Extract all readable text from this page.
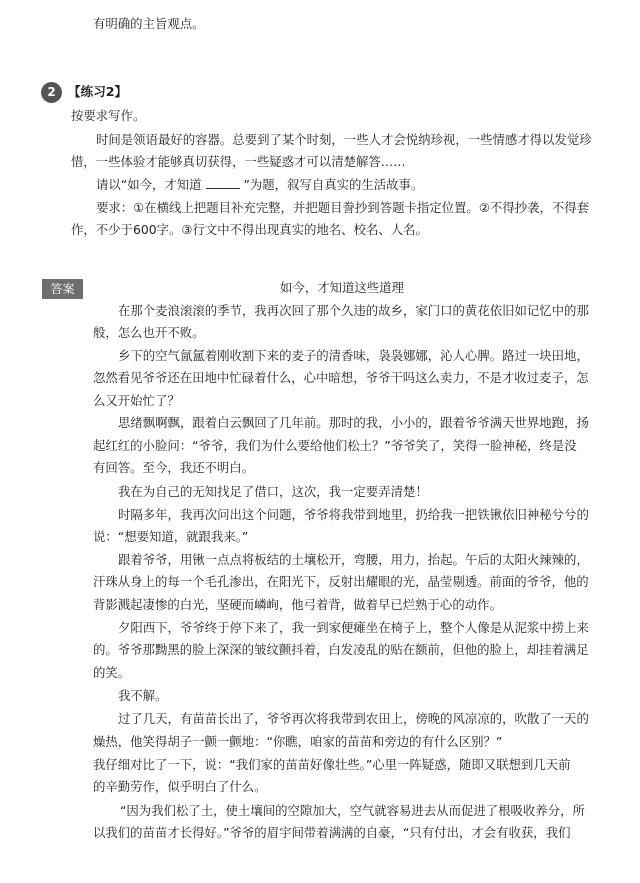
有明确的主旨观点。
2 【练习2】
按要求写作。
时间是领语最好的容器。总要到了某个时刻，一些人才会悦纳珍视，一些情感才得以发觉珍
惜，一些体验才能够真切获得，一些疑惑才可以清楚解答……
请以“如今，才知道	”为题，叙写自真实的生活故事。
要求：①在横线上把题目补充完整，并把题目誊抄到答题卡指定位置。②不得抄袭，不得套
作，不少于600字。③行文中不得出现真实的地名、校名、人名。
答案	如今，才知道这些道理
在那个麦浪滚滚的季节，我再次回了那个久违的故乡，家门口的黄花依旧如记忆中的那
般，怎么也开不败。
乡下的空气氤氲着刚收割下来的麦子的清香味，袅袅娜娜，沁人心脾。路过一块田地，
忽然看见爷爷还在田地中忙碌着什么，心中暗想，爷爷干吗这么卖力，不是才收过麦子，怎
么又开始忙了？
思绪飘啊飘，跟着白云飘回了几年前。那时的我，小小的，跟着爷爷满天世界地跑，扬
起红红的小脸问：“爷爷，我们为什么要给他们松土？”爷爷笑了，笑得一脸神秘，终是没
有回答。至今，我还不明白。
我在为自己的无知找足了借口，这次，我一定要弄清楚！
时隔多年，我再次问出这个问题，爷爷将我带到地里，扔给我一把铁锹依旧神秘兮兮的
说：“想要知道，就跟我来。”
跟着爷爷，用锹一点点将板结的土壤松开，弯腰，用力，抬起。午后的太阳火辣辣的，
汗珠从身上的每一个毛孔渗出，在阳光下，反射出耀眼的光，晶莹剔透。前面的爷爷，他的
背影溅起凄惨的白光，坚硬而嶙峋，他弓着背，做着早已烂熟于心的动作。
夕阳西下，爷爷终于停下来了，我一到家便瘫坐在椅子上，整个人像是从泥浆中捞上来
的。爷爷那黝黑的脸上深深的皱纹颤抖着，白发凌乱的贴在额前，但他的脸上，却挂着满足
的笑。
我不解。
过了几天，有苗苗长出了，爷爷再次将我带到农田上，傍晚的风凉凉的，吹散了一天的
燥热，他笑得胡子一颤一颤地：“你瞧，咱家的苗苗和旁边的有什么区别？”
我仔细对比了一下，说：“我们家的苗苗好像壮些。”心里一阵疑惑，随即又联想到几天前
的辛勤劳作，似乎明白了什么。
“因为我们松了土，使土壤间的空隙加大，空气就容易进去从而促进了根吸收养分，所
以我们的苗苗才长得好。”爷爷的眉宇间带着满满的自豪，“只有付出，才会有收获，我们
